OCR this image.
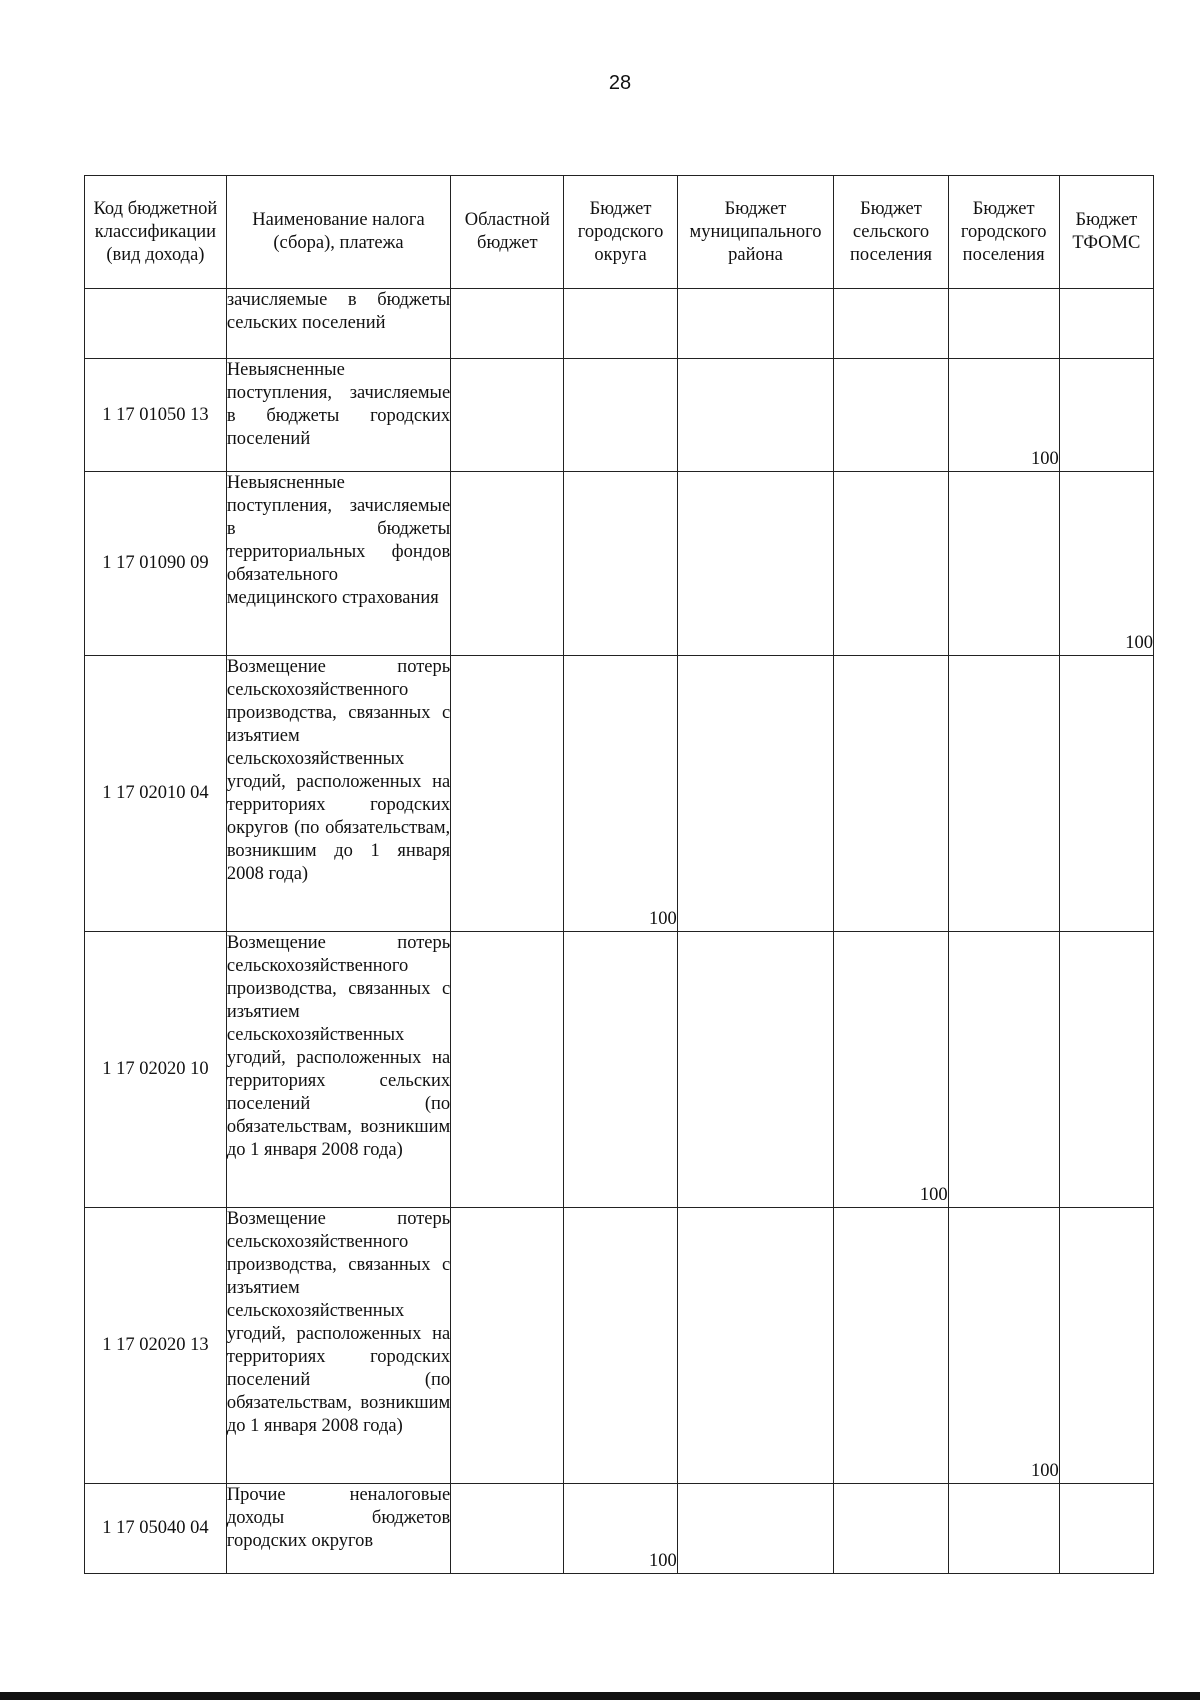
28
Код бюджетной классификации (вид дохода)	Наименование налога (сбора), платежа	Областной бюджет	Бюджет городского округа	Бюджет муниципального района	Бюджет сельского поселения	Бюджет городского поселения	Бюджет ТФОМС
	зачисляемые в бюджеты сельских поселений						
1 17 01050 13	Невыясненные поступления, зачисляемые в бюджеты городских поселений					100	
1 17 01090 09	Невыясненные поступления, зачисляемые в бюджеты территориальных фондов обязательного медицинского страхования						100
1 17 02010 04	Возмещение потерь сельскохозяйственного производства, связанных с изъятием сельскохозяйственных угодий, расположенных на территориях городских округов (по обязательствам, возникшим до 1 января 2008 года)		100				
1 17 02020 10	Возмещение потерь сельскохозяйственного производства, связанных с изъятием сельскохозяйственных угодий, расположенных на территориях сельских поселений (по обязательствам, возникшим до 1 января 2008 года)				100		
1 17 02020 13	Возмещение потерь сельскохозяйственного производства, связанных с изъятием сельскохозяйственных угодий, расположенных на территориях городских поселений (по обязательствам, возникшим до 1 января 2008 года)					100	
1 17 05040 04	Прочие неналоговые доходы бюджетов городских округов		100				
